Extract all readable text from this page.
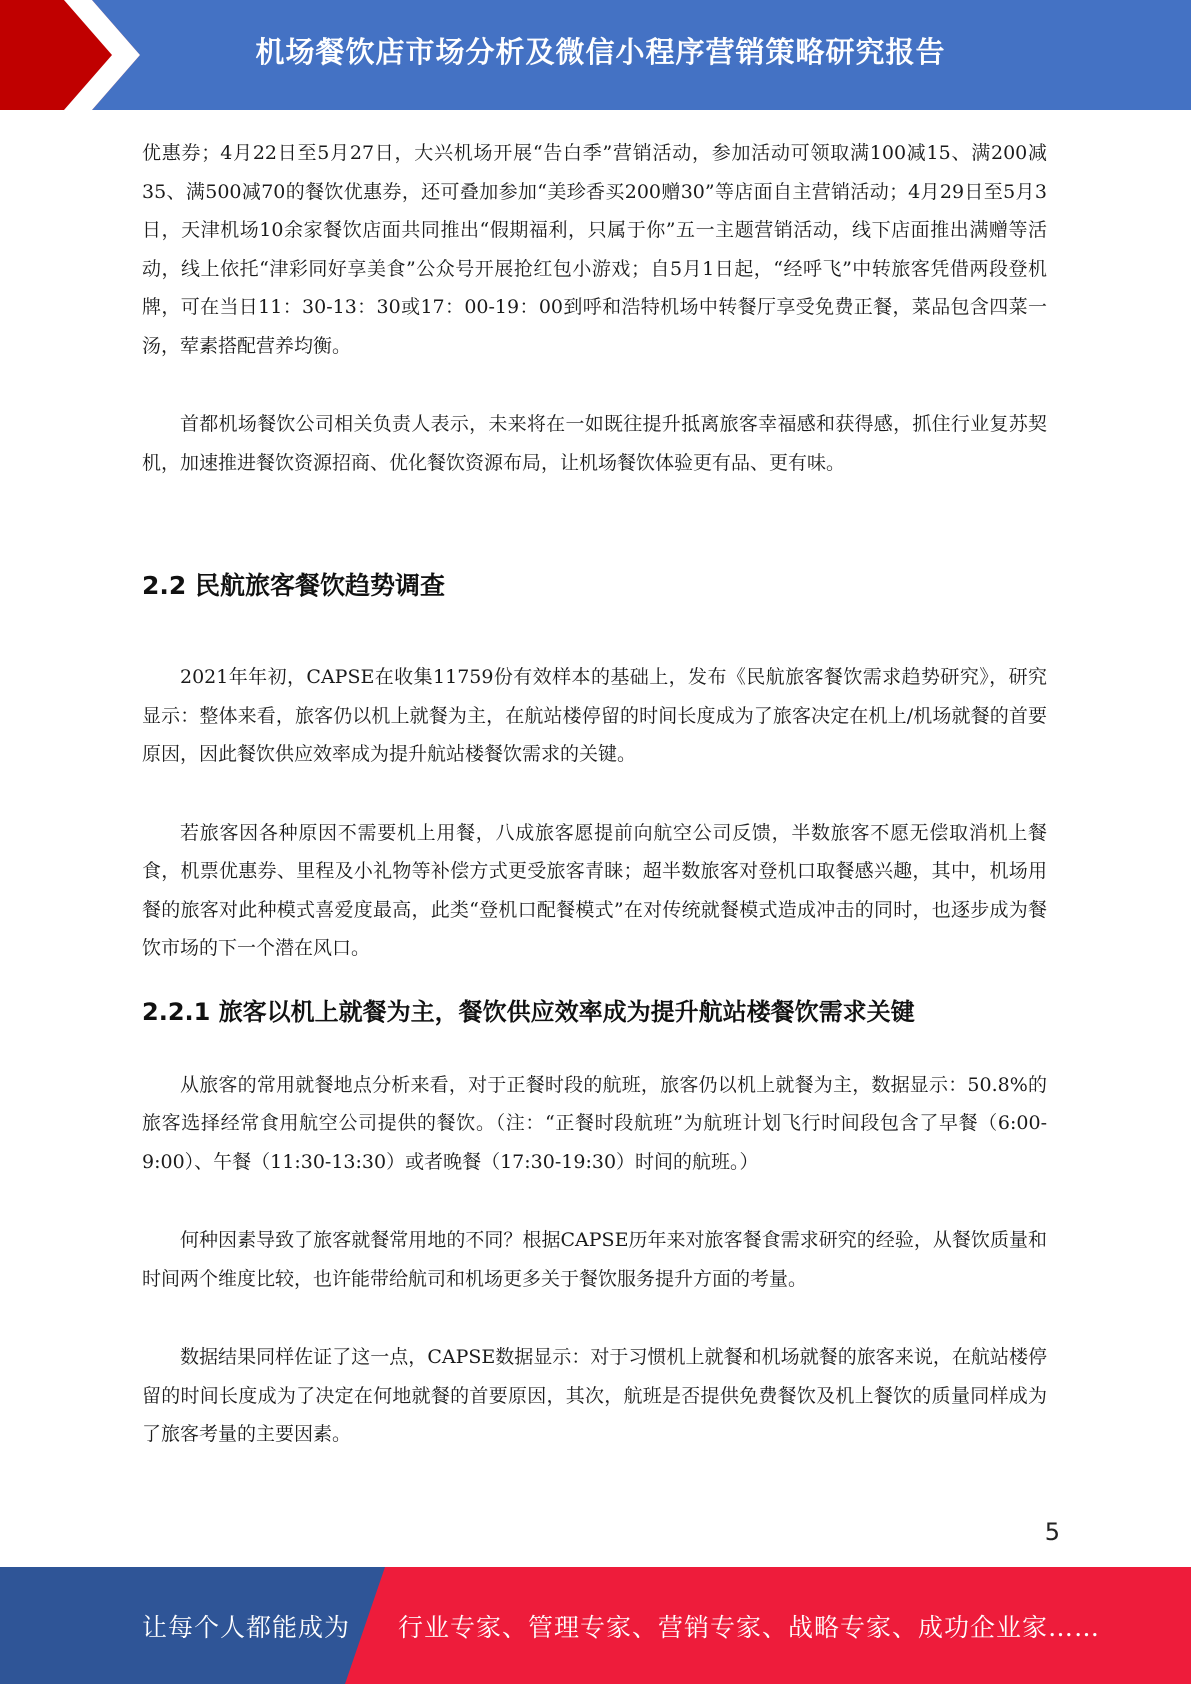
机场餐饮店市场分析及微信小程序营销策略研究报告

优惠券；4月22日至5月27日，大兴机场开展“告白季”营销活动，参加活动可领取满100减15、满200减35、满500减70的餐饮优惠券，还可叠加参加“美珍香买200赠30”等店面自主营销活动；4月29日至5月3日，天津机场10余家餐饮店面共同推出“假期福利，只属于你”五一主题营销活动，线下店面推出满赠等活动，线上依托“津彩同好享美食”公众号开展抢红包小游戏；自5月1日起，“经呼飞”中转旅客凭借两段登机牌，可在当日11：30-13：30或17：00-19：00到呼和浩特机场中转餐厅享受免费正餐，菜品包含四菜一汤，荤素搭配营养均衡。

首都机场餐饮公司相关负责人表示，未来将在一如既往提升抵离旅客幸福感和获得感，抓住行业复苏契机，加速推进餐饮资源招商、优化餐饮资源布局，让机场餐饮体验更有品、更有味。

2.2 民航旅客餐饮趋势调查

2021年年初，CAPSE在收集11759份有效样本的基础上，发布《民航旅客餐饮需求趋势研究》，研究显示：整体来看，旅客仍以机上就餐为主，在航站楼停留的时间长度成为了旅客决定在机上/机场就餐的首要原因，因此餐饮供应效率成为提升航站楼餐饮需求的关键。

若旅客因各种原因不需要机上用餐，八成旅客愿提前向航空公司反馈，半数旅客不愿无偿取消机上餐食，机票优惠券、里程及小礼物等补偿方式更受旅客青睐；超半数旅客对登机口取餐感兴趣，其中，机场用餐的旅客对此种模式喜爱度最高，此类“登机口配餐模式”在对传统就餐模式造成冲击的同时，也逐步成为餐饮市场的下一个潜在风口。

2.2.1 旅客以机上就餐为主，餐饮供应效率成为提升航站楼餐饮需求关键

从旅客的常用就餐地点分析来看，对于正餐时段的航班，旅客仍以机上就餐为主，数据显示：50.8%的旅客选择经常食用航空公司提供的餐饮。（注：“正餐时段航班”为航班计划飞行时间段包含了早餐（6:00-9:00）、午餐（11:30-13:30）或者晚餐（17:30-19:30）时间的航班。）

何种因素导致了旅客就餐常用地的不同？根据CAPSE历年来对旅客餐食需求研究的经验，从餐饮质量和时间两个维度比较，也许能带给航司和机场更多关于餐饮服务提升方面的考量。

数据结果同样佐证了这一点，CAPSE数据显示：对于习惯机上就餐和机场就餐的旅客来说，在航站楼停留的时间长度成为了决定在何地就餐的首要原因，其次，航班是否提供免费餐饮及机上餐饮的质量同样成为了旅客考量的主要因素。

5
让每个人都能成为 行业专家、管理专家、营销专家、战略专家、成功企业家……
